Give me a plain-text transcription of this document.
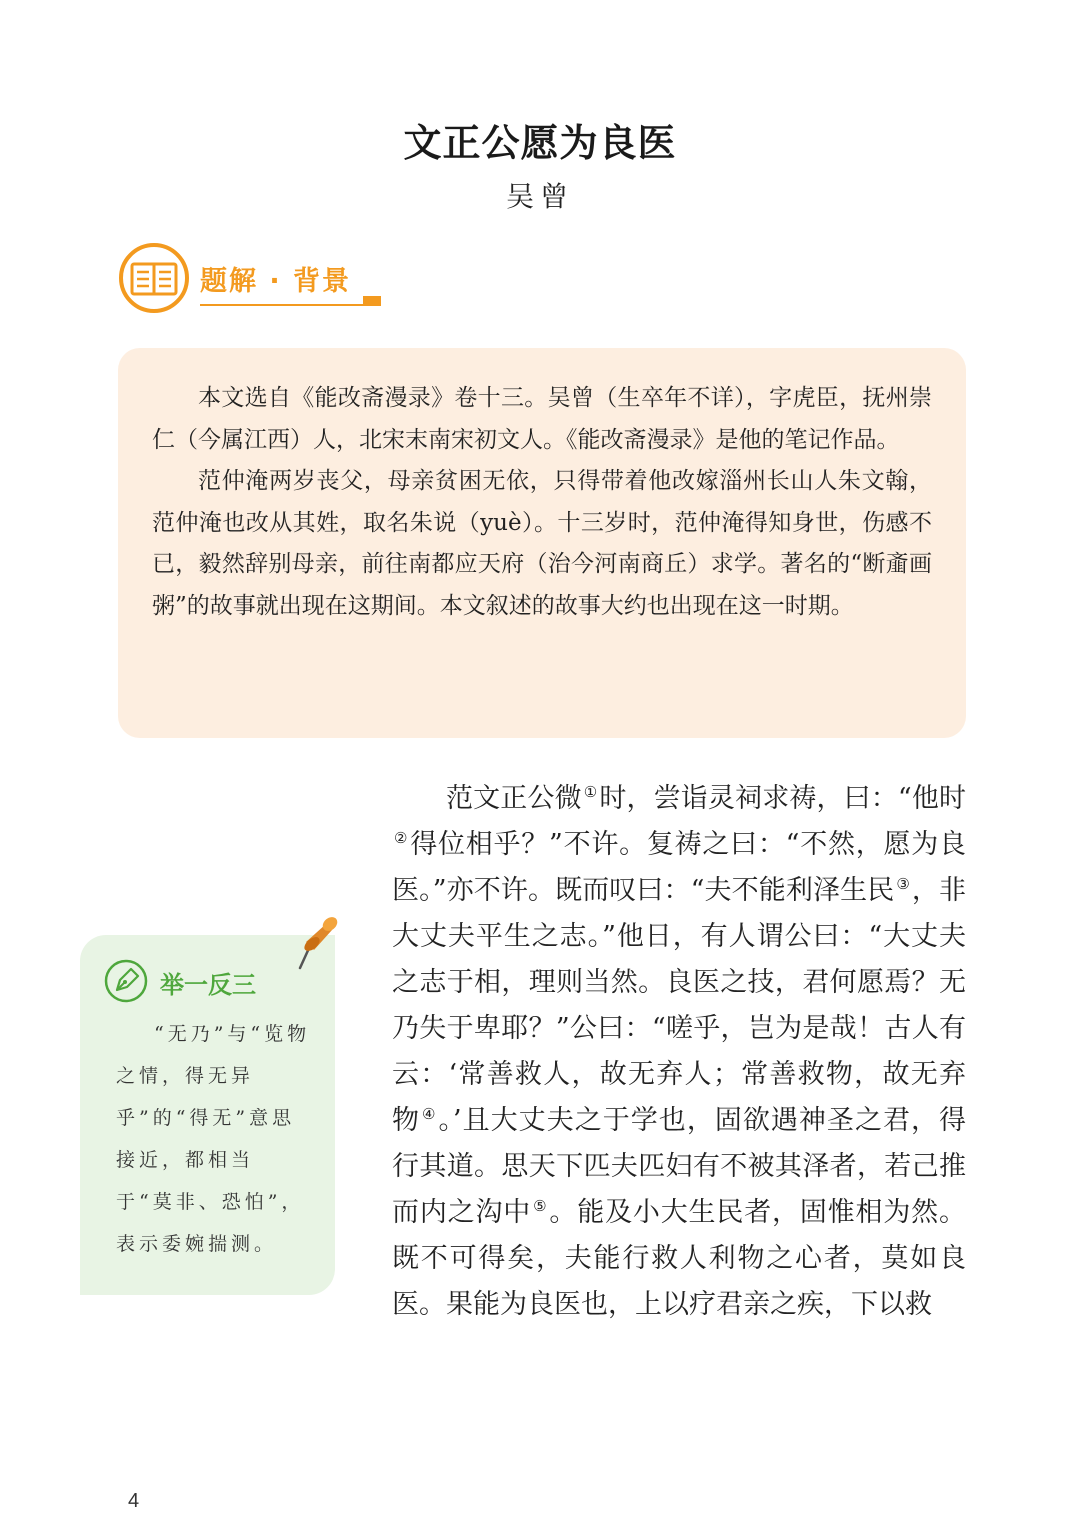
文正公愿为良医
吴曾
题解 · 背景

本文选自《能改斋漫录》卷十三。吴曾（生卒年不详），字虎臣，抚州崇仁（今属江西）人，北宋末南宋初文人。《能改斋漫录》是他的笔记作品。

范仲淹两岁丧父，母亲贫困无依，只得带着他改嫁淄州长山人朱文翰，范仲淹也改从其姓，取名朱说（yuè）。十三岁时，范仲淹得知身世，伤感不已，毅然辞别母亲，前往南都应天府（治今河南商丘）求学。著名的“断齑画粥”的故事就出现在这期间。本文叙述的故事大约也出现在这一时期。

举一反三
“无乃”与“览物之情，得无异乎”的“得无”意思接近，都相当于“莫非、恐怕”，表示委婉揣测。
范文正公微 ①时，尝诣灵祠求祷，曰：“他时②得位相乎？”不许。复祷之曰：“不然，愿为良医。”亦不许。既而叹曰：“夫不能利泽生民 ③，非大丈夫平生之志。”他日，有人谓公曰：“大丈夫之志于相，理则当然。良医之技，君何愿焉？无乃失于卑耶？”公曰：“嗟乎，岂为是哉！古人有云：‘常善救人，故无弃人；常善救物，故无弃物 ④。’且大丈夫之于学也，固欲遇神圣之君，得行其道。思天下匹夫匹妇有不被其泽者，若己推而内之沟中 ⑤。能及小大生民者，固惟相为然。既不可得矣，夫能行救人利物之心者，莫如良医。果能为良医也，上以疗君亲之疾，下以救
4
